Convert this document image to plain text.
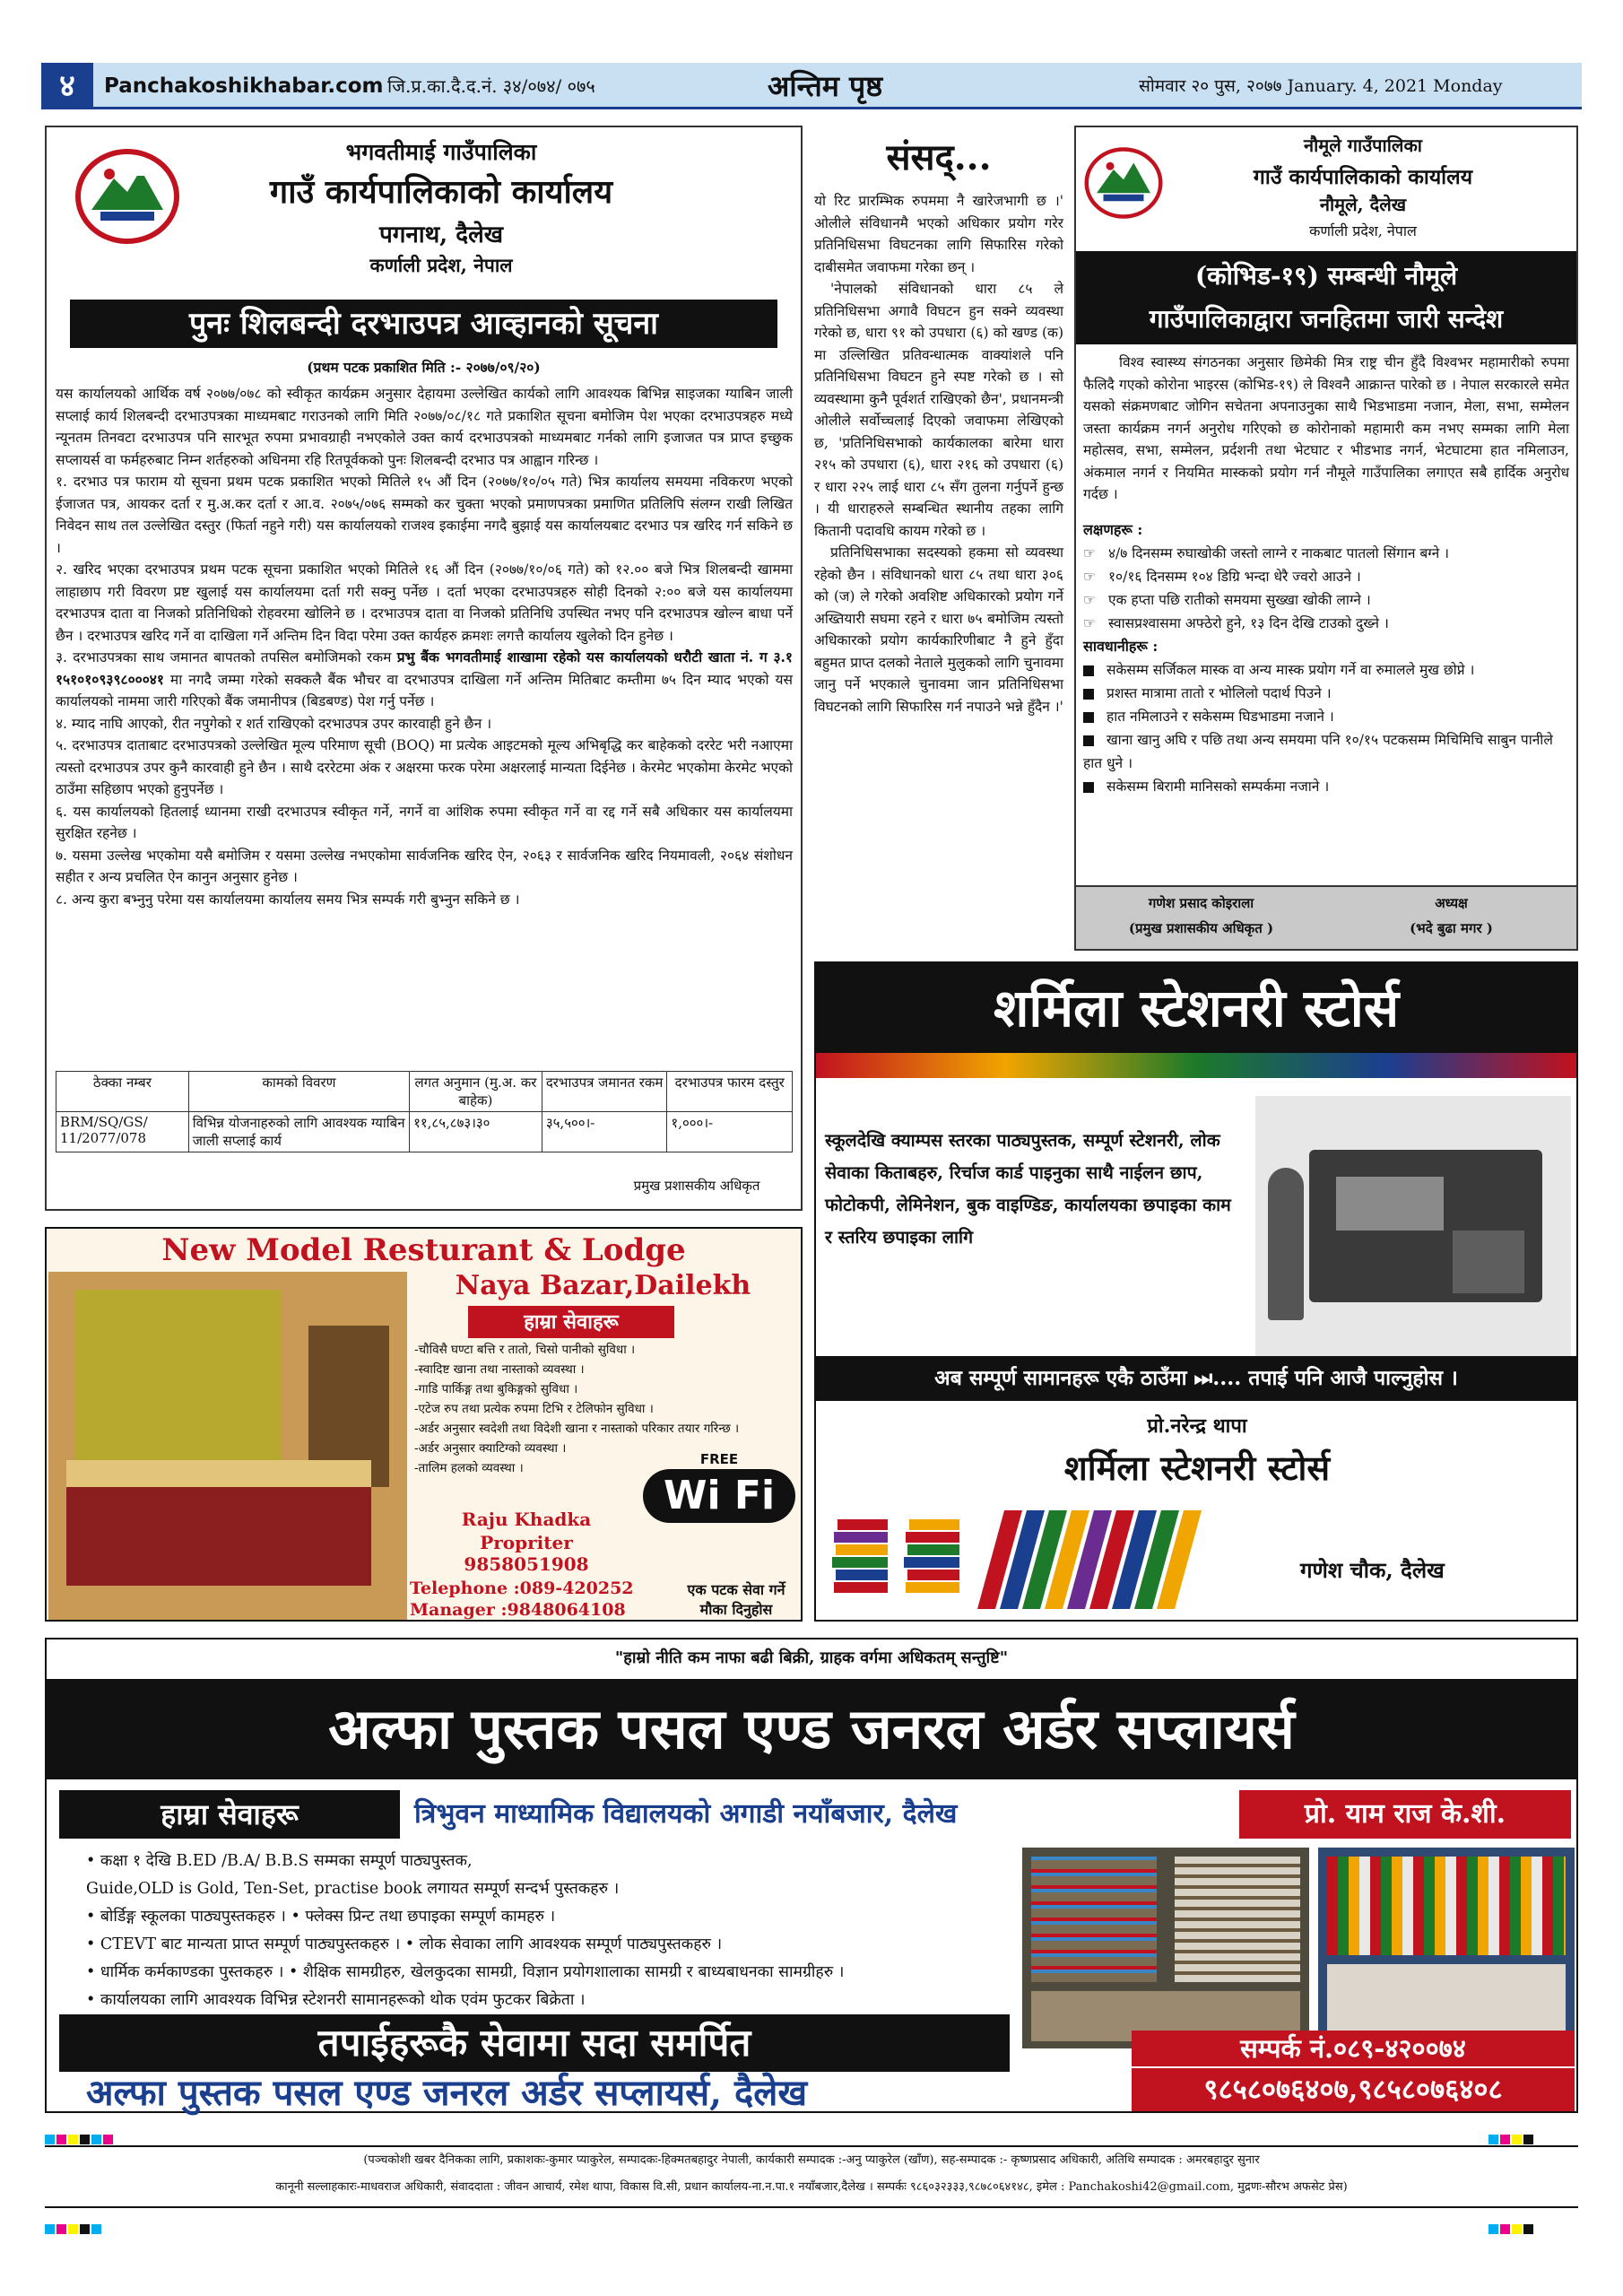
४	Panchakoshikhabar.com जि.प्र.का.दै.द.नं. ३४/०७४/ ०७५	अन्तिम पृष्ठ	सोमवार २० पुस, २०७७ January. 4, 2021 Monday
भगवतीमाई गाउँपालिका
गाउँ कार्यपालिकाको कार्यालय
पगनाथ, दैलेख
कर्णाली प्रदेश, नेपाल
पुनः शिलबन्दी दरभाउपत्र आव्हानको सूचना
(प्रथम पटक प्रकाशित मिति :- २०७७/०९/२०)

यस कार्यालयको आर्थिक वर्ष २०७७/०७८ को स्वीकृत कार्यक्रम अनुसार देहायमा उल्लेखित कार्यको लागि आवश्यक बिभिन्न साइजका ग्याबिन जाली सप्लाई कार्य शिलबन्दी दरभाउपत्रका माध्यमबाट गराउनको लागि मिति २०७७/०८/१८ गते प्रकाशित सूचना बमोजिम पेश भएका दरभाउपत्रहरु मध्ये न्यूनतम तिनवटा दरभाउपत्र पनि सारभूत रुपमा प्रभावग्राही नभएकोले उक्त कार्य दरभाउपत्रको माध्यमबाट गर्नको लागि इजाजत पत्र प्राप्त इच्छुक सप्लायर्स वा फर्महरुबाट निम्न शर्तहरुको अधिनमा रहि रितपूर्वकको पुनः शिलबन्दी दरभाउ पत्र आह्वान गरिन्छ ।

१. दरभाउ पत्र फाराम यो सूचना प्रथम पटक प्रकाशित भएको मितिले १५ औं दिन (२०७७/१०/०५ गते) भित्र कार्यालय समयमा नविकरण भएको ईजाजत पत्र, आयकर दर्ता र मु.अ.कर दर्ता र आ.व. २०७५/०७६ सम्मको कर चुक्ता भएको प्रमाणपत्रका प्रमाणित प्रतिलिपि संलग्न राखी लिखित निवेदन साथ तल उल्लेखित दस्तुर (फिर्ता नहुने गरी) यस कार्यालयको राजश्व इकाईमा नगदै बुझाई यस कार्यालयबाट दरभाउ पत्र खरिद गर्न सकिने छ ।

२. खरिद भएका दरभाउपत्र प्रथम पटक सूचना प्रकाशित भएको मितिले १६ औं दिन (२०७७/१०/०६ गते) को १२.०० बजे भित्र शिलबन्दी खाममा लाहाछाप गरी विवरण प्रष्ट खुलाई यस कार्यालयमा दर्ता गरी सक्नु पर्नेछ । दर्ता भएका दरभाउपत्रहरु सोही दिनको २:०० बजे यस कार्यालयमा दरभाउपत्र दाता वा निजको प्रतिनिधिको रोहवरमा खोलिने छ । दरभाउपत्र दाता वा निजको प्रतिनिधि उपस्थित नभए पनि दरभाउपत्र खोल्न बाधा पर्ने छैन । दरभाउपत्र खरिद गर्ने वा दाखिला गर्ने अन्तिम दिन विदा परेमा उक्त कार्यहरु क्रमशः लगत्तै कार्यालय खुलेको दिन हुनेछ ।

३. दरभाउपत्रका साथ जमानत बापतको तपसिल बमोजिमको रकम प्रभु बैंक भगवतीमाई शाखामा रहेको यस कार्यालयको धरौटी खाता नं. ग ३.१ १५१०१०९३९८०००४१ मा नगदै जम्मा गरेको सक्कलै बैंक भौचर वा दरभाउपत्र दाखिला गर्ने अन्तिम मितिबाट कम्तीमा ७५ दिन म्याद भएको यस कार्यालयको नाममा जारी गरिएको बैंक जमानीपत्र (बिडबण्ड) पेश गर्नु पर्नेछ ।

४. म्याद नाघि आएको, रीत नपुगेको र शर्त राखिएको दरभाउपत्र उपर कारवाही हुने छैन ।

५. दरभाउपत्र दाताबाट दरभाउपत्रको उल्लेखित मूल्य परिमाण सूची (BOQ) मा प्रत्येक आइटमको मूल्य अभिबृद्धि कर बाहेकको दररेट भरी नआएमा त्यस्तो दरभाउपत्र उपर कुनै कारवाही हुने छैन । साथै दररेटमा अंक र अक्षरमा फरक परेमा अक्षरलाई मान्यता दिईनेछ । केरमेट भएकोमा केरमेट भएको ठाउँमा सहिछाप भएको हुनुपर्नेछ ।

६. यस कार्यालयको हितलाई ध्यानमा राखी दरभाउपत्र स्वीकृत गर्ने, नगर्ने वा आंशिक रुपमा स्वीकृत गर्ने वा रद्द गर्ने सबै अधिकार यस कार्यालयमा सुरक्षित रहनेछ ।

७. यसमा उल्लेख भएकोमा यसै बमोजिम र यसमा उल्लेख नभएकोमा सार्वजनिक खरिद ऐन, २०६३ र सार्वजनिक खरिद नियमावली, २०६४ संशोधन सहीत र अन्य प्रचलित ऐन कानुन अनुसार हुनेछ ।

८. अन्य कुरा बभ्नुनु परेमा यस कार्यालयमा कार्यालय समय भित्र सम्पर्क गरी बुभ्नुन सकिने छ ।

ठेक्का नम्बर	कामको विवरण	लगत अनुमान (मु.अ. कर बाहेक)	दरभाउपत्र जमानत रकम	दरभाउपत्र फारम दस्तुर
BRM/SQ/GS/ 11/2077/078	विभिन्न योजनाहरुको लागि आवश्यक ग्याबिन जाली सप्लाई कार्य	११,८५,८७३।३०	३५,५००।-	१,०००।-
प्रमुख प्रशासकीय अधिकृत
संसद्...

यो रिट प्रारम्भिक रुपममा नै खारेजभागी छ ।' ओलीले संविधानमै भएको अधिकार प्रयोग गरेर प्रतिनिधिसभा विघटनका लागि सिफारिस गरेको दाबीसमेत जवाफमा गरेका छन् ।

'नेपालको संविधानको धारा ८५ ले प्रतिनिधिसभा अगावै विघटन हुन सक्ने व्यवस्था गरेको छ, धारा ९१ को उपधारा (६) को खण्ड (क) मा उल्लिखित प्रतिवन्धात्मक वाक्यांशले पनि प्रतिनिधिसभा विघटन हुने स्पष्ट गरेको छ । सो व्यवस्थामा कुनै पूर्वशर्त राखिएको छैन', प्रधानमन्त्री ओलीले सर्वोच्चलाई दिएको जवाफमा लेखिएको छ, 'प्रतिनिधिसभाको कार्यकालका बारेमा धारा २१५ को उपधारा (६), धारा २१६ को उपधारा (६) र धारा २२५ लाई धारा ८५ सँग तुलना गर्नुपर्ने हुन्छ । यी धाराहरुले सम्बन्धित स्थानीय तहका लागि कितानी पदावधि कायम गरेको छ ।

प्रतिनिधिसभाका सदस्यको हकमा सो व्यवस्था रहेको छैन । संविधानको धारा ८५ तथा धारा ३०६ को (ज) ले गरेको अवशिष्ट अधिकारको प्रयोग गर्ने अख्तियारी सघमा रहने र धारा ७५ बमोजिम त्यस्तो अधिकारको प्रयोग कार्यकारिणीबाट नै हुने हुँदा बहुमत प्राप्त दलको नेताले मुलुकको लागि चुनावमा जानु पर्ने भएकाले चुनावमा जान प्रतिनिधिसभा विघटनको लागि सिफारिस गर्न नपाउने भन्ने हुँदैन ।'

नौमूले गाउँपालिका
गाउँ कार्यपालिकाको कार्यालय
नौमूले, दैलेख
कर्णाली प्रदेश, नेपाल
(कोभिड-१९) सम्बन्धी नौमूले
गाउँपालिकाद्वारा जनहितमा जारी सन्देश

विश्व स्वास्थ्य संगठनका अनुसार छिमेकी मित्र राष्ट्र चीन हुँदै विश्वभर महामारीको रुपमा फैलिदै गएको कोरोना भाइरस (कोभिड-१९) ले विश्वनै आक्रान्त पारेको छ । नेपाल सरकारले समेत यसको संक्रमणबाट जोगिन सचेतना अपनाउनुका साथै भिडभाडमा नजान, मेला, सभा, सम्मेलन जस्ता कार्यक्रम नगर्न अनुरोध गरिएको छ कोरोनाको महामारी कम नभए सम्मका लागि मेला महोत्सव, सभा, सम्मेलन, प्रर्दशनी तथा भेटघाट र भीडभाड नगर्न, भेटघाटमा हात नमिलाउन, अंकमाल नगर्न र नियमित मास्कको प्रयोग गर्न नौमूले गाउँपालिका लगाएत सबै हार्दिक अनुरोध गर्दछ ।

लक्षणहरू :
☞ ४/७ दिनसम्म रुघाखोकी जस्तो लाग्ने र नाकबाट पातलो सिंगान बग्ने ।
☞ १०/१६ दिनसम्म १०४ डिग्रि भन्दा धेरै ज्वरो आउने ।
☞ एक हप्ता पछि रातीको समयमा सुख्खा खोकी लाग्ने ।
☞ स्वासप्रश्वासमा अफ्ठेरो हुने, १३ दिन देखि टाउको दुख्ने ।
सावधानीहरू :
सकेसम्म सर्जिकल मास्क वा अन्य मास्क प्रयोग गर्ने वा रुमालले मुख छोप्ने ।
प्रशस्त मात्रामा तातो र भोलिलो पदार्थ पिउने ।
हात नमिलाउने र सकेसम्म घिडभाडमा नजाने ।
खाना खानु अघि र पछि तथा अन्य समयमा पनि १०/१५ पटकसम्म मिचिमिचि साबुन पानीले हात धुने ।
सकेसम्म बिरामी मानिसको सम्पर्कमा नजाने ।
गणेश प्रसाद कोइराला
(प्रमुख प्रशासकीय अधिकृत )
अध्यक्ष
(भदे बुढा मगर )
शर्मिला स्टेशनरी स्टोर्स
स्कूलदेखि क्याम्पस स्तरका पाठ्यपुस्तक, सम्पूर्ण स्टेशनरी, लोक सेवाका किताबहरु, रिर्चाज कार्ड पाइनुका साथै नाईलन छाप, फोटोकपी, लेमिनेशन, बुक वाइण्डिङ, कार्यालयका छपाइका काम र स्तरिय छपाइका लागि
अब सम्पूर्ण सामानहरू एकै ठाउँमा ⏭.... तपाई पनि आजै पाल्नुहोस ।
प्रो.नरेन्द्र थापा
शर्मिला स्टेशनरी स्टोर्स
गणेश चौक, दैलेख
New Model Resturant & Lodge
Naya Bazar,Dailekh
हाम्रा सेवाहरू
-चौविसै घण्टा बत्ति र तातो, चिसो पानीको सुविधा ।
-स्वादिष्ट खाना तथा नास्ताको व्यवस्था ।
-गाडि पार्किङ्ग तथा बुकिङ्गको सुविधा ।
-एटेज रुप तथा प्रत्येक रुपमा टिभि र टेलिफोन सुविधा ।
-अर्डर अनुसार स्वदेशी तथा विदेशी खाना र नास्ताको परिकार तयार गरिन्छ ।
-अर्डर अनुसार क्याटिग्को व्यवस्था ।
-तालिम हलको व्यवस्था ।
FREE
Wi Fi
Raju Khadka
Propriter
9858051908
Telephone :089-420252
Manager :9848064108
एक पटक सेवा गर्ने
मौका दिनुहोस
"हाम्रो नीति कम नाफा बढी बिक्री, ग्राहक वर्गमा अधिकतम् सन्तुष्टि"
अल्फा पुस्तक पसल एण्ड जनरल अर्डर सप्लायर्स
हाम्रा सेवाहरू	त्रिभुवन माध्यामिक विद्यालयको अगाडी नयाँबजार, दैलेख	प्रो. याम राज के.शी.
• कक्षा १ देखि B.ED /B.A/ B.B.S सम्मका सम्पूर्ण पाठ्यपुस्तक,
Guide,OLD is Gold, Ten-Set, practise book लगायत सम्पूर्ण सन्दर्भ पुस्तकहरु ।
• बोर्डिङ्ग स्कूलका पाठ्यपुस्तकहरु । • फ्लेक्स प्रिन्ट तथा छपाइका सम्पूर्ण कामहरु ।
• CTEVT बाट मान्यता प्राप्त सम्पूर्ण पाठ्यपुस्तकहरु । • लोक सेवाका लागि आवश्यक सम्पूर्ण पाठ्यपुस्तकहरु ।
• धार्मिक कर्मकाण्डका पुस्तकहरु । • शैक्षिक सामग्रीहरु, खेलकुदका सामग्री, विज्ञान प्रयोगशालाका सामग्री र बाध्यबाधनका सामग्रीहरु ।
• कार्यालयका लागि आवश्यक विभिन्न स्टेशनरी सामानहरूको थोक एवंम फुटकर बिक्रेता ।
तपाईहरूकै सेवामा सदा समर्पित
अल्फा पुस्तक पसल एण्ड जनरल अर्डर सप्लायर्स, दैलेख
सम्पर्क नं.०८९-४२००७४
९८५८०७६४०७,९८५८०७६४०८
(पञ्चकोशी खबर दैनिकका लागि, प्रकाशकः-कुमार प्याकुरेल, सम्पादकः-हिक्मतबहादुर नेपाली, कार्यकारी सम्पादक :-अनु प्याकुरेल (खाँण), सह-सम्पादक :- कृष्णप्रसाद अधिकारी, अतिथि सम्पादक : अमरबहादुर सुनार
कानूनी सल्लाहकारः-माधवराज अधिकारी, संवाददाता : जीवन आचार्य, रमेश थापा, विकास वि.सी, प्रधान कार्यालय-ना.न.पा.१ नयाँबजार,दैलेख । सम्पर्कः ९८६०३२३३३,९८७८०६४१४८, इमेल : Panchakoshi42@gmail.com, मुद्रणः-सौरभ अफसेट प्रेस)
